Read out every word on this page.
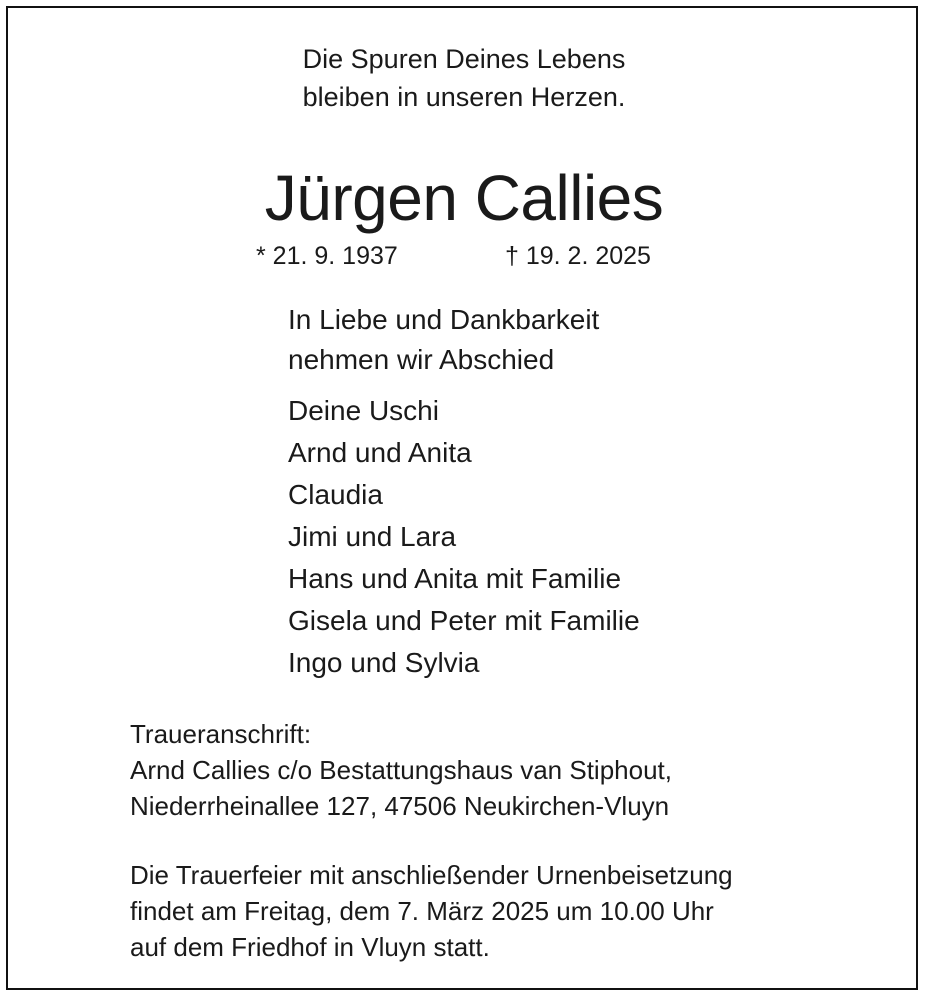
Die Spuren Deines Lebens
bleiben in unseren Herzen.
Jürgen Callies
* 21. 9. 1937	† 19. 2. 2025
In Liebe und Dankbarkeit
nehmen wir Abschied
Deine Uschi
Arnd und Anita
Claudia
Jimi und Lara
Hans und Anita mit Familie
Gisela und Peter mit Familie
Ingo und Sylvia
Traueranschrift:
Arnd Callies c/o Bestattungshaus van Stiphout,
Niederrheinallee 127, 47506 Neukirchen-Vluyn
Die Trauerfeier mit anschließender Urnenbeisetzung
findet am Freitag, dem 7. März 2025 um 10.00 Uhr
auf dem Friedhof in Vluyn statt.
